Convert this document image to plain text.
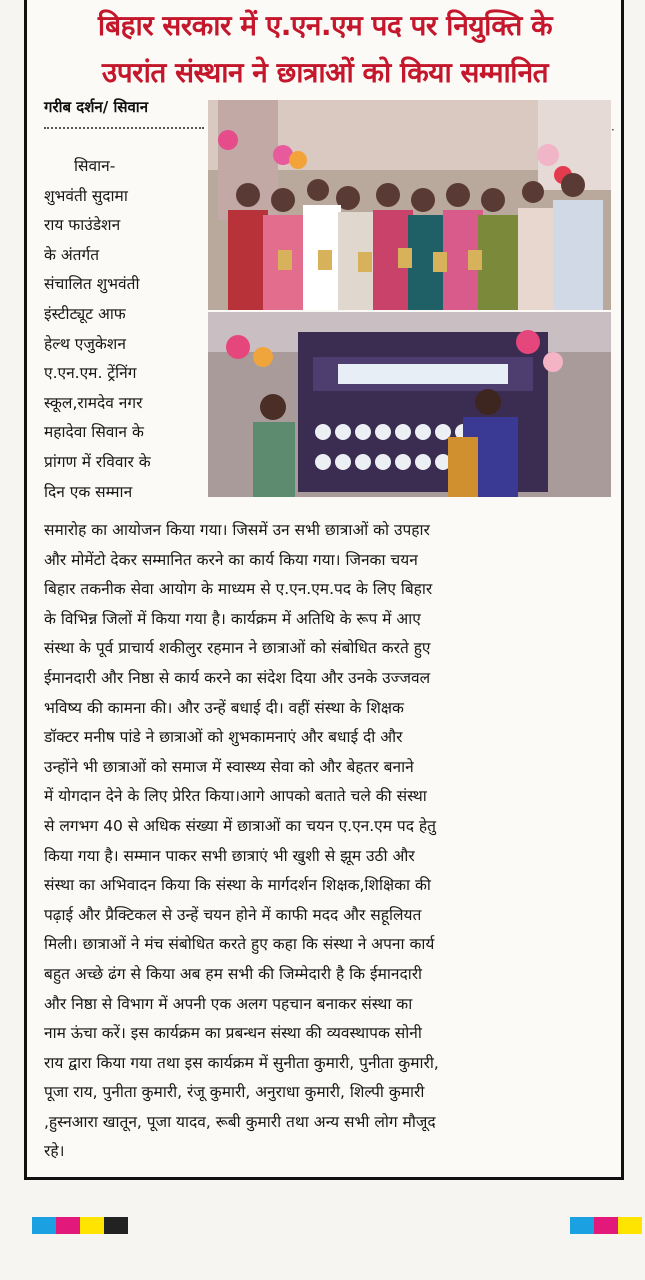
बिहार सरकार में ए.एन.एम पद पर नियुक्ति के
उपरांत संस्थान ने छात्राओं को किया सम्मानित
गरीब दर्शन/ सिवान
·
सिवान-
शुभवंती सुदामा
राय फाउंडेशन
के अंतर्गत
संचालित शुभवंती
इंस्टीट्यूट आफ
हेल्थ एजुकेशन
ए.एन.एम. ट्रेंनिंग
स्कूल,रामदेव नगर
महादेवा सिवान के
प्रांगण में रविवार के
दिन एक सम्मान
समारोह का आयोजन किया गया। जिसमें उन सभी छात्राओं को उपहार
और मोमेंटो देकर सम्मानित करने का कार्य किया गया। जिनका चयन
बिहार तकनीक सेवा आयोग के माध्यम से ए.एन.एम.पद के लिए बिहार
के विभिन्न जिलों में किया गया है। कार्यक्रम में अतिथि के रूप में आए
संस्था के पूर्व प्राचार्य शकीलुर रहमान ने छात्राओं को संबोधित करते हुए
ईमानदारी और निष्ठा से कार्य करने का संदेश दिया और उनके उज्जवल
भविष्य की कामना की। और उन्हें बधाई दी। वहीं संस्था के शिक्षक
डॉक्टर मनीष पांडे ने छात्राओं को शुभकामनाएं और बधाई दी और
उन्होंने भी छात्राओं को समाज में स्वास्थ्य सेवा को और बेहतर बनाने
में योगदान देने के लिए प्रेरित किया।आगे आपको बताते चले की संस्था
से लगभग 40 से अधिक संख्या में छात्राओं का चयन ए.एन.एम पद हेतु
किया गया है। सम्मान पाकर सभी छात्राएं भी खुशी से झूम उठी और
संस्था का अभिवादन किया कि संस्था के मार्गदर्शन शिक्षक,शिक्षिका की
पढ़ाई और प्रैक्टिकल से उन्हें चयन होने में काफी मदद और सहूलियत
मिली। छात्राओं ने मंच संबोधित करते हुए कहा कि संस्था ने अपना कार्य
बहुत अच्छे ढंग से किया अब हम सभी की जिम्मेदारी है कि ईमानदारी
और निष्ठा से विभाग में अपनी एक अलग पहचान बनाकर संस्था का
नाम ऊंचा करें। इस कार्यक्रम का प्रबन्धन संस्था की व्यवस्थापक सोनी
राय द्वारा किया गया तथा इस कार्यक्रम में सुनीता कुमारी, पुनीता कुमारी,
पूजा राय, पुनीता कुमारी, रंजू कुमारी, अनुराधा कुमारी, शिल्पी कुमारी
,हुस्नआरा खातून, पूजा यादव, रूबी कुमारी तथा अन्य सभी लोग मौजूद
रहे।
